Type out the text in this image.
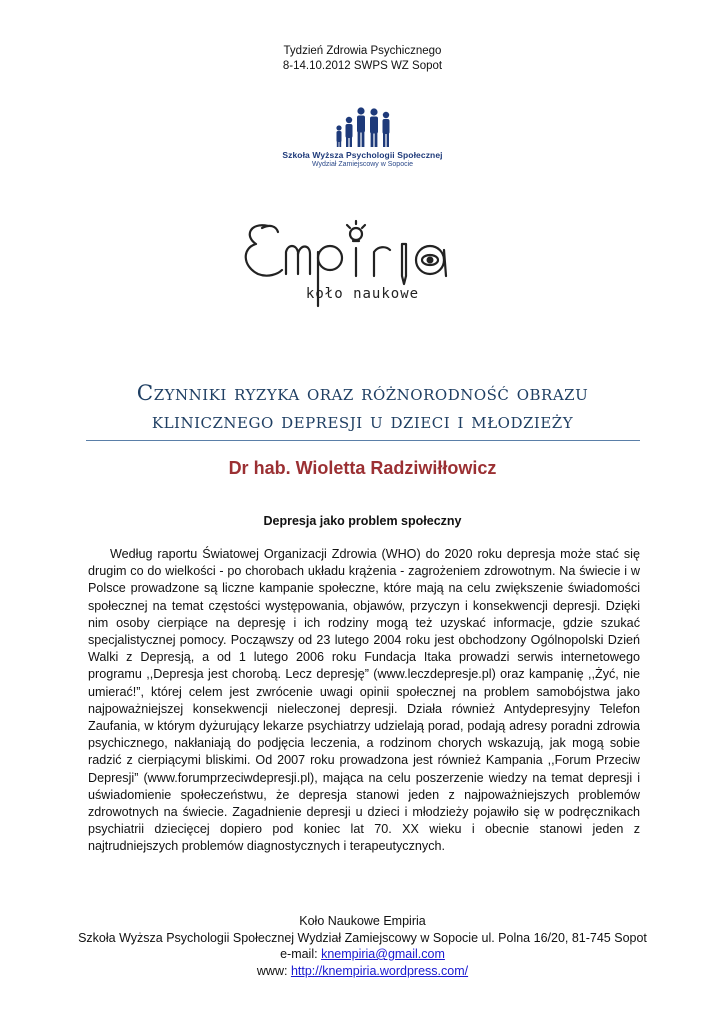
Tydzień Zdrowia Psychicznego
8-14.10.2012 SWPS WZ Sopot
Szkoła Wyższa Psychologii Społecznej
Wydział Zamiejscowy w Sopocie
koło naukowe
Czynniki ryzyka oraz różnorodność obrazu
klinicznego depresji u dzieci i młodzieży
Dr hab. Wioletta Radziwiłłowicz
Depresja jako problem społeczny
Według raportu Światowej Organizacji Zdrowia (WHO) do 2020 roku depresja może stać się drugim co do wielkości - po chorobach układu krążenia - zagrożeniem zdrowotnym. Na świecie i w Polsce prowadzone są liczne kampanie społeczne, które mają na celu zwiększenie świadomości społecznej na temat częstości występowania, objawów, przyczyn i konsekwencji depresji. Dzięki nim osoby cierpiące na depresję i ich rodziny mogą też uzyskać informacje, gdzie szukać specjalistycznej pomocy. Począwszy od 23 lutego 2004 roku jest obchodzony Ogólnopolski Dzień Walki z Depresją, a od 1 lutego 2006 roku Fundacja Itaka prowadzi serwis internetowego programu ,,Depresja jest chorobą. Lecz depresję” (www.leczdepresje.pl) oraz kampanię ,,Żyć, nie umierać!”, której celem jest zwrócenie uwagi opinii społecznej na problem samobójstwa jako najpoważniejszej konsekwencji nieleczonej depresji. Działa również Antydepresyjny Telefon Zaufania, w którym dyżurujący lekarze psychiatrzy udzielają porad, podają adresy poradni zdrowia psychicznego, nakłaniają do podjęcia leczenia, a rodzinom chorych wskazują, jak mogą sobie radzić z cierpiącymi bliskimi. Od 2007 roku prowadzona jest również Kampania ,,Forum Przeciw Depresji” (www.forumprzeciwdepresji.pl), mająca na celu poszerzenie wiedzy na temat depresji i uświadomienie społeczeństwu, że depresja stanowi jeden z najpoważniejszych problemów zdrowotnych na świecie. Zagadnienie depresji u dzieci i młodzieży pojawiło się w podręcznikach psychiatrii dziecięcej dopiero pod koniec lat 70. XX wieku i obecnie stanowi jeden z najtrudniejszych problemów diagnostycznych i terapeutycznych.
Koło Naukowe Empiria
Szkoła Wyższa Psychologii Społecznej Wydział Zamiejscowy w Sopocie ul. Polna 16/20, 81-745 Sopot
e-mail: knempiria@gmail.com
www: http://knempiria.wordpress.com/
